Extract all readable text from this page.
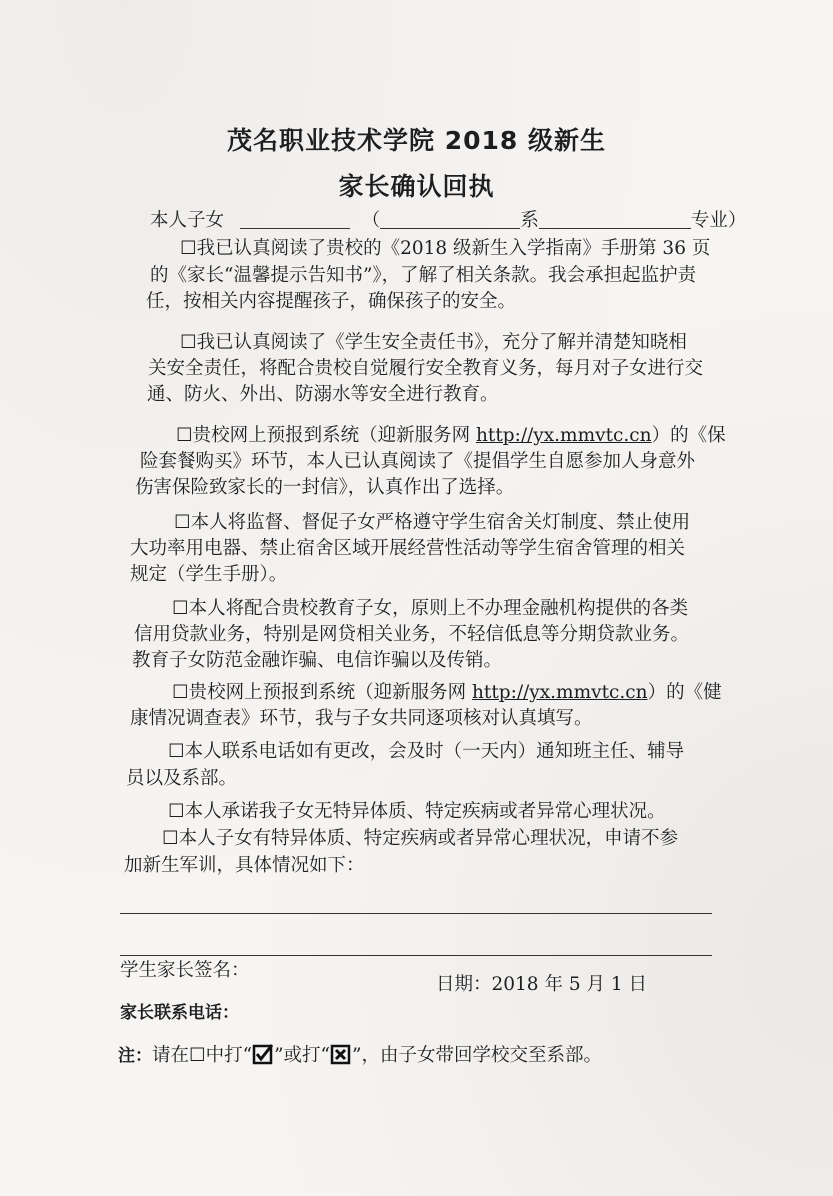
茂名职业技术学院 2018 级新生
家长确认回执
本人子女	（	系	专业）
☐我已认真阅读了贵校的《2018 级新生入学指南》手册第 36 页
的《家长“温馨提示告知书”》，了解了相关条款。我会承担起监护责
任，按相关内容提醒孩子，确保孩子的安全。
☐我已认真阅读了《学生安全责任书》，充分了解并清楚知晓相
关安全责任，将配合贵校自觉履行安全教育义务，每月对子女进行交
通、防火、外出、防溺水等安全进行教育。
☐贵校网上预报到系统（迎新服务网 http://yx.mmvtc.cn）的《保
险套餐购买》环节，本人已认真阅读了《提倡学生自愿参加人身意外
伤害保险致家长的一封信》，认真作出了选择。
☐本人将监督、督促子女严格遵守学生宿舍关灯制度、禁止使用
大功率用电器、禁止宿舍区域开展经营性活动等学生宿舍管理的相关
规定（学生手册）。
☐本人将配合贵校教育子女，原则上不办理金融机构提供的各类
信用贷款业务，特别是网贷相关业务，不轻信低息等分期贷款业务。
教育子女防范金融诈骗、电信诈骗以及传销。
☐贵校网上预报到系统（迎新服务网 http://yx.mmvtc.cn）的《健
康情况调查表》环节，我与子女共同逐项核对认真填写。
☐本人联系电话如有更改，会及时（一天内）通知班主任、辅导
员以及系部。
☐本人承诺我子女无特异体质、特定疾病或者异常心理状况。
☐本人子女有特异体质、特定疾病或者异常心理状况，申请不参
加新生军训，具体情况如下：
学生家长签名：
日期：2018 年 5 月 1 日
家长联系电话：
注：请在☐中打“ ”或打“☒”，由子女带回学校交至系部。
